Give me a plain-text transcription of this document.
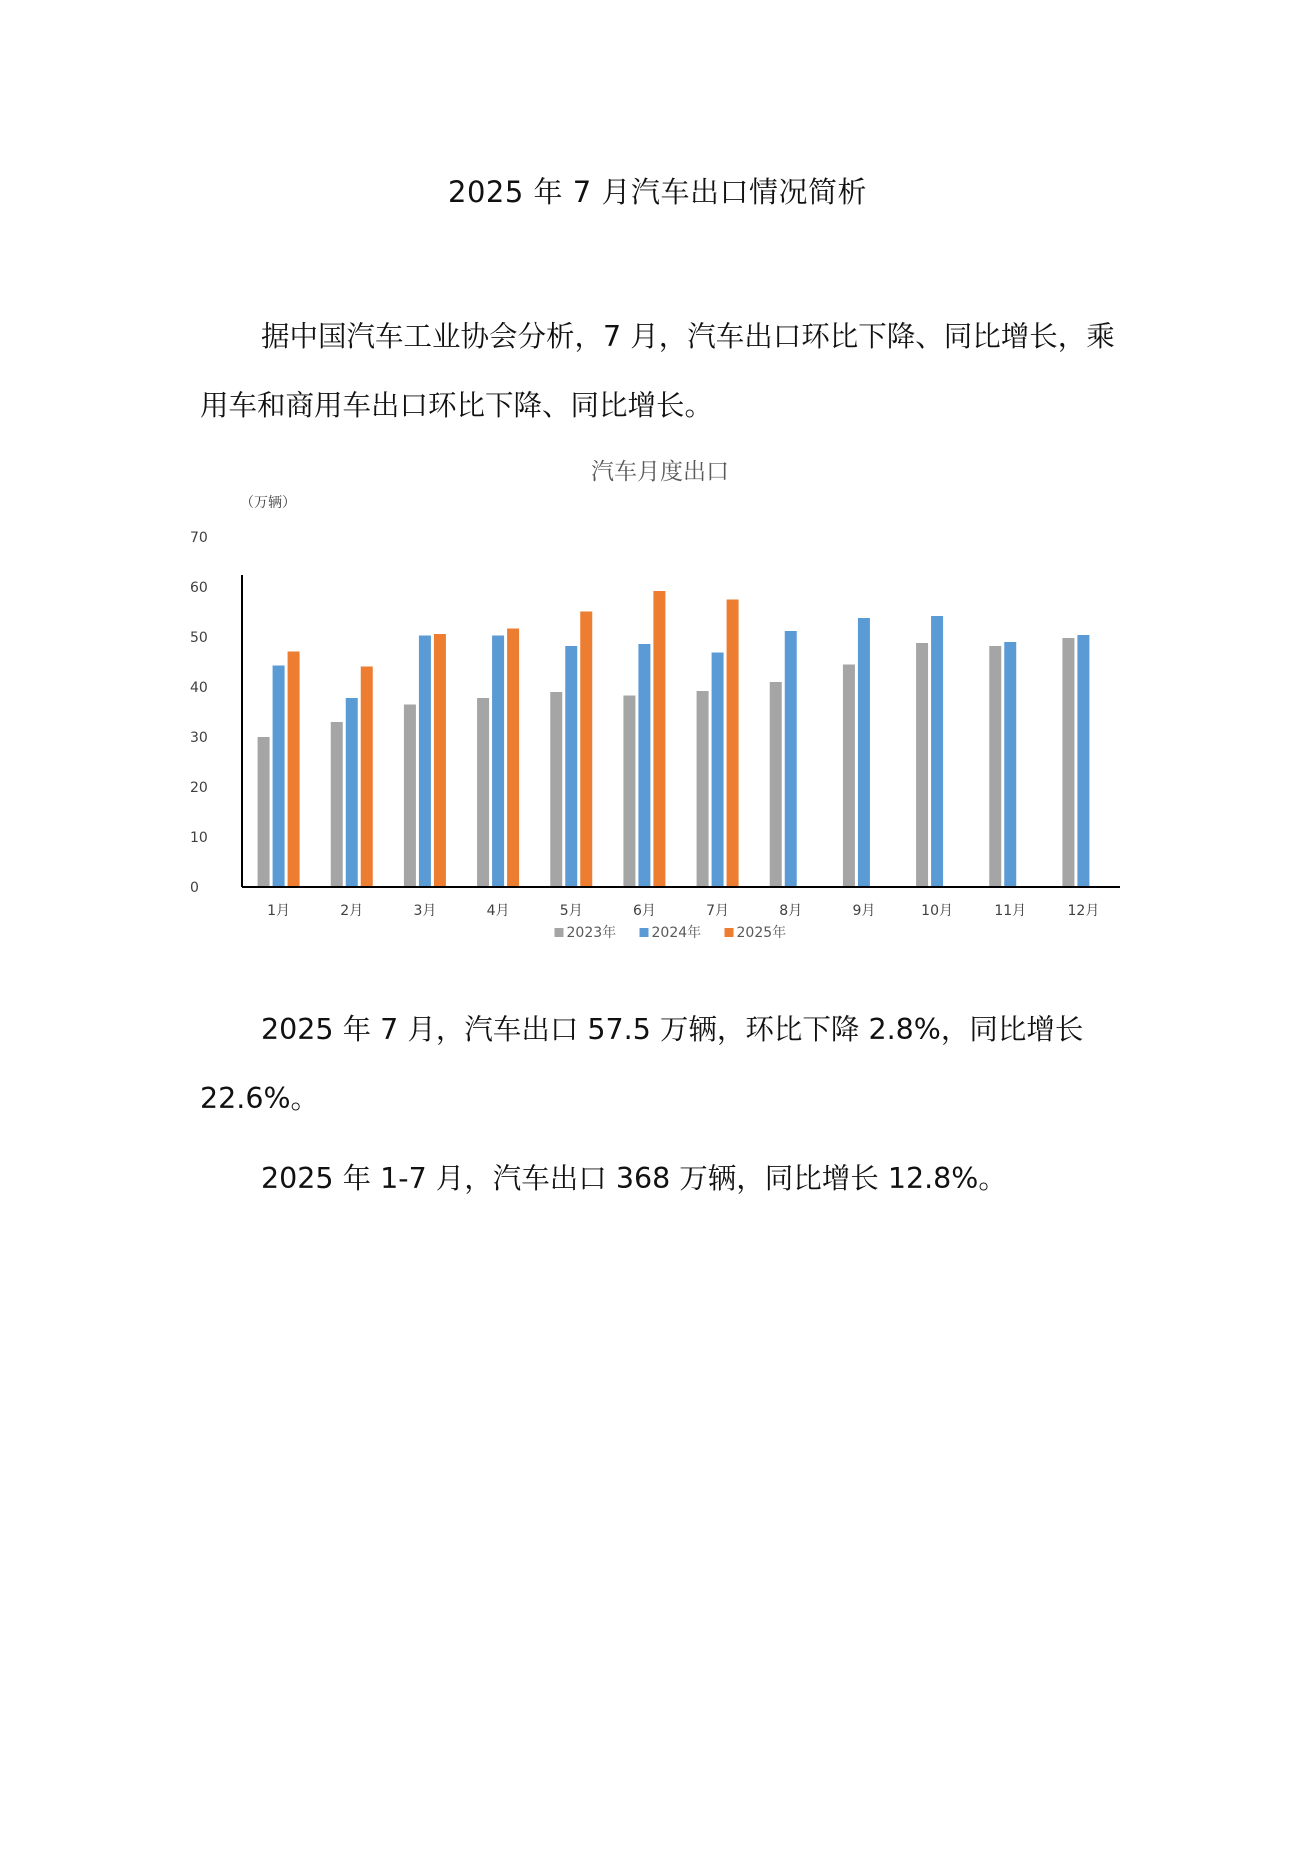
2025 年 7 月汽车出口情况简析
据中国汽车工业协会分析，7 月，汽车出口环比下降、同比增长，乘用车和商用车出口环比下降、同比增长。
汽车月度出口
（万辆）
0
10
20
30
40
50
60
70
1月	2月	3月	4月	5月	6月	7月	8月	9月	10月	11月	12月
2023年	2024年	2025年
2025 年 7 月，汽车出口 57.5 万辆，环比下降 2.8%，同比增长 22.6%。
2025 年 1-7 月，汽车出口 368 万辆，同比增长 12.8%。
